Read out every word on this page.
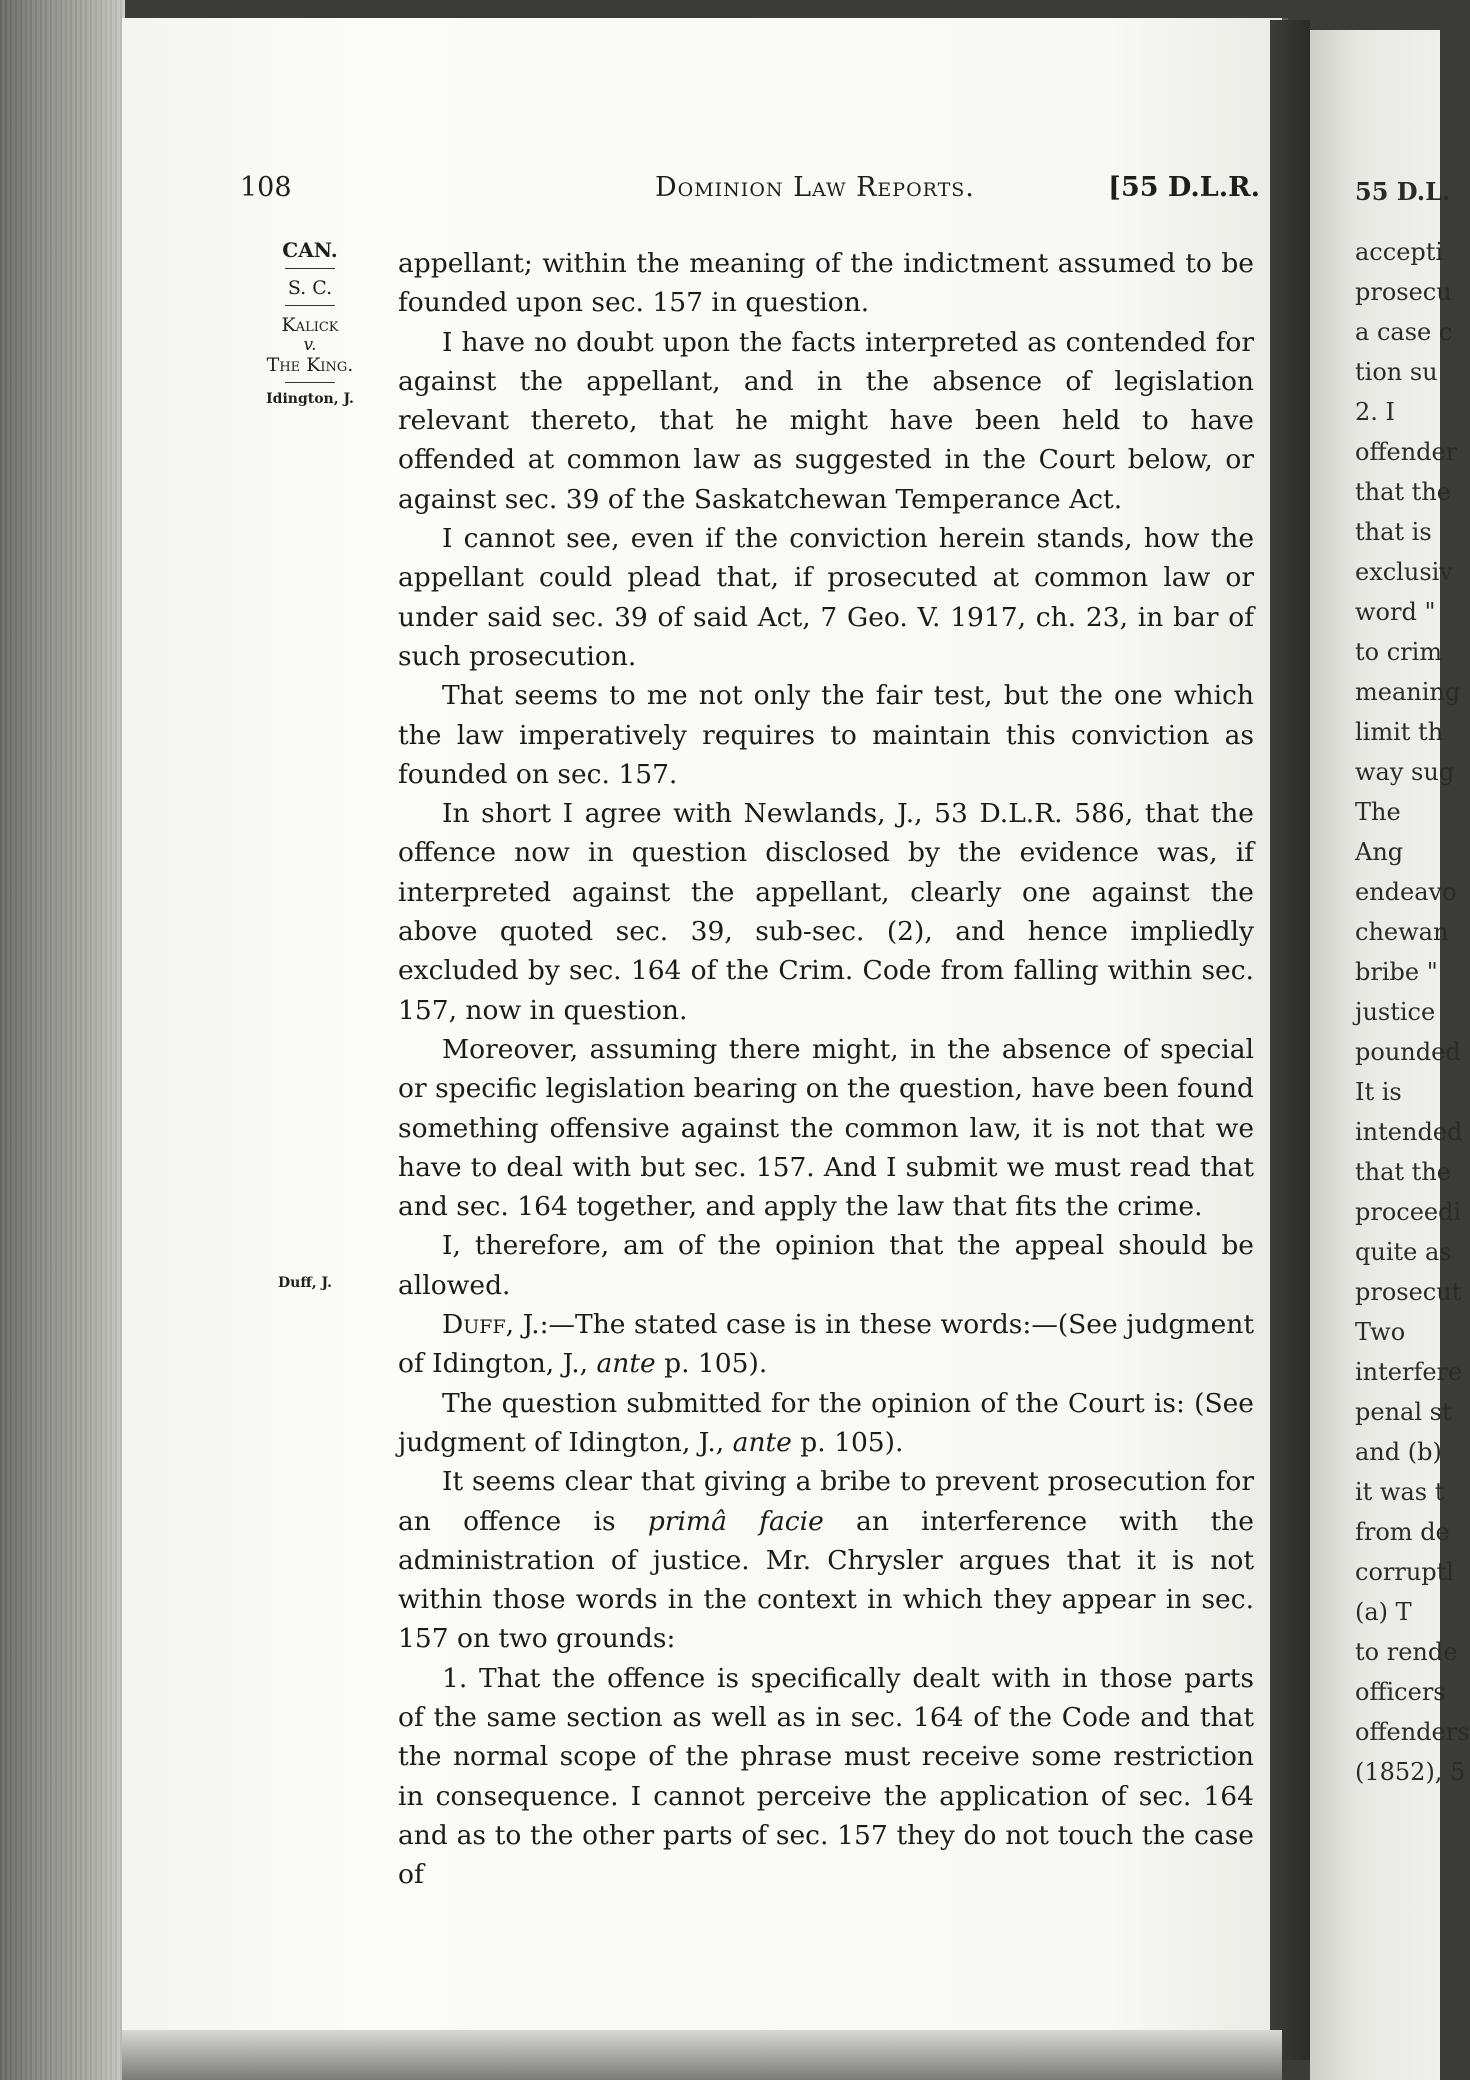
108	Dominion Law Reports.	[55 D.L.R.
CAN.
S. C.
Kalick
v.
The King.
Idington, J.
Duff, J.

appellant; within the meaning of the indictment assumed to be founded upon sec. 157 in question.

I have no doubt upon the facts interpreted as contended for against the appellant, and in the absence of legislation relevant thereto, that he might have been held to have offended at common law as suggested in the Court below, or against sec. 39 of the Saskatchewan Temperance Act.

I cannot see, even if the conviction herein stands, how the appellant could plead that, if prosecuted at common law or under said sec. 39 of said Act, 7 Geo. V. 1917, ch. 23, in bar of such prosecution.

That seems to me not only the fair test, but the one which the law imperatively requires to maintain this conviction as founded on sec. 157.

In short I agree with Newlands, J., 53 D.L.R. 586, that the offence now in question disclosed by the evidence was, if interpreted against the appellant, clearly one against the above quoted sec. 39, sub-sec. (2), and hence impliedly excluded by sec. 164 of the Crim. Code from falling within sec. 157, now in question.

Moreover, assuming there might, in the absence of special or specific legislation bearing on the question, have been found something offensive against the common law, it is not that we have to deal with but sec. 157. And I submit we must read that and sec. 164 together, and apply the law that fits the crime.

I, therefore, am of the opinion that the appeal should be allowed.

Duff, J.:—The stated case is in these words:—(See judgment of Idington, J., ante p. 105).

The question submitted for the opinion of the Court is: (See judgment of Idington, J., ante p. 105).

It seems clear that giving a bribe to prevent prosecution for an offence is primâ facie an interference with the administration of justice. Mr. Chrysler argues that it is not within those words in the context in which they appear in sec. 157 on two grounds:

1. That the offence is specifically dealt with in those parts of the same section as well as in sec. 164 of the Code and that the normal scope of the phrase must receive some restriction in consequence. I cannot perceive the application of sec. 164 and as to the other parts of sec. 157 they do not touch the case of

55 D.L.
accepti
prosecu
a case c
tion su
2. I
offender
that the
that is
exclusiv
word "
to crim
meaning
limit th
way sug
The
Ang
endeavo
chewan
bribe "
justice
pounded
It is
intended
that the
proceedi
quite as
prosecut
Two
interfere
penal st
and (b)
it was t
from de
corruptl
(a) T
to rende
officers
offenders
(1852), 5
